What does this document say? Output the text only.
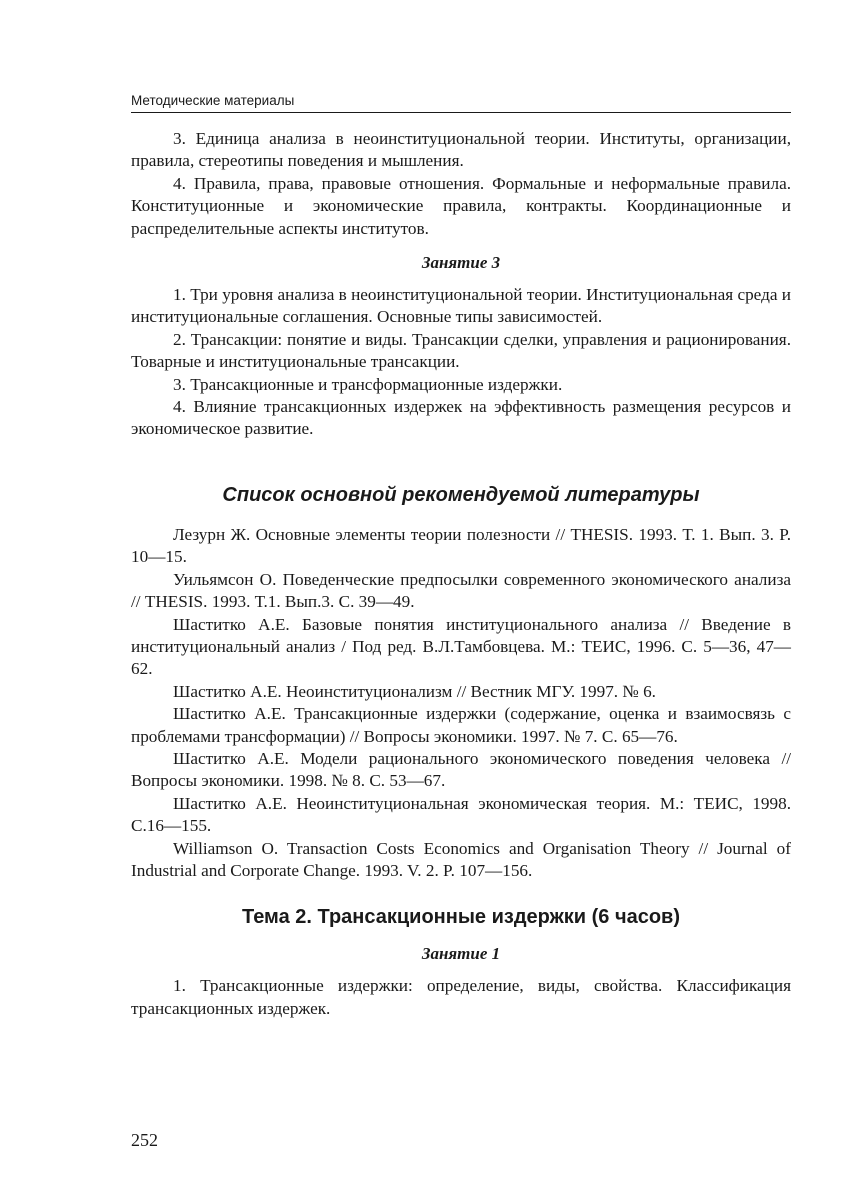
Методические материалы

3. Единица анализа в неоинституциональной теории. Институты, организации, правила, стереотипы поведения и мышления.

4. Правила, права, правовые отношения. Формальные и неформальные правила. Конституционные и экономические правила, контракты. Координационные и распределительные аспекты институтов.

Занятие 3

1. Три уровня анализа в неоинституциональной теории. Институциональная среда и институциональные соглашения. Основные типы зависимостей.

2. Трансакции: понятие и виды. Трансакции сделки, управления и рационирования. Товарные и институциональные трансакции.

3. Трансакционные и трансформационные издержки.

4. Влияние трансакционных издержек на эффективность размещения ресурсов и экономическое развитие.

Список основной рекомендуемой литературы

Лезурн Ж. Основные элементы теории полезности // THESIS. 1993. Т. 1. Вып. 3. Р. 10—15.

Уильямсон О. Поведенческие предпосылки современного экономического анализа // THESIS. 1993. Т.1. Вып.3. С. 39—49.

Шаститко А.Е. Базовые понятия институционального анализа // Введение в институциональный анализ / Под ред. В.Л.Тамбовцева. М.: ТЕИС, 1996. С. 5—36, 47—62.

Шаститко А.Е. Неоинституционализм // Вестник МГУ. 1997. № 6.

Шаститко А.Е. Трансакционные издержки (содержание, оценка и взаимосвязь с проблемами трансформации) // Вопросы экономики. 1997. № 7. С. 65—76.

Шаститко А.Е. Модели рационального экономического поведения человека // Вопросы экономики. 1998. № 8. С. 53—67.

Шаститко А.Е. Неоинституциональная экономическая теория. М.: ТЕИС, 1998. С.16—155.

Williamson O. Transaction Costs Economics and Organisation Theory // Journal of Industrial and Corporate Change. 1993. V. 2. P. 107—156.

Тема 2. Трансакционные издержки (6 часов)
Занятие 1

1. Трансакционные издержки: определение, виды, свойства. Классификация трансакционных издержек.

252
